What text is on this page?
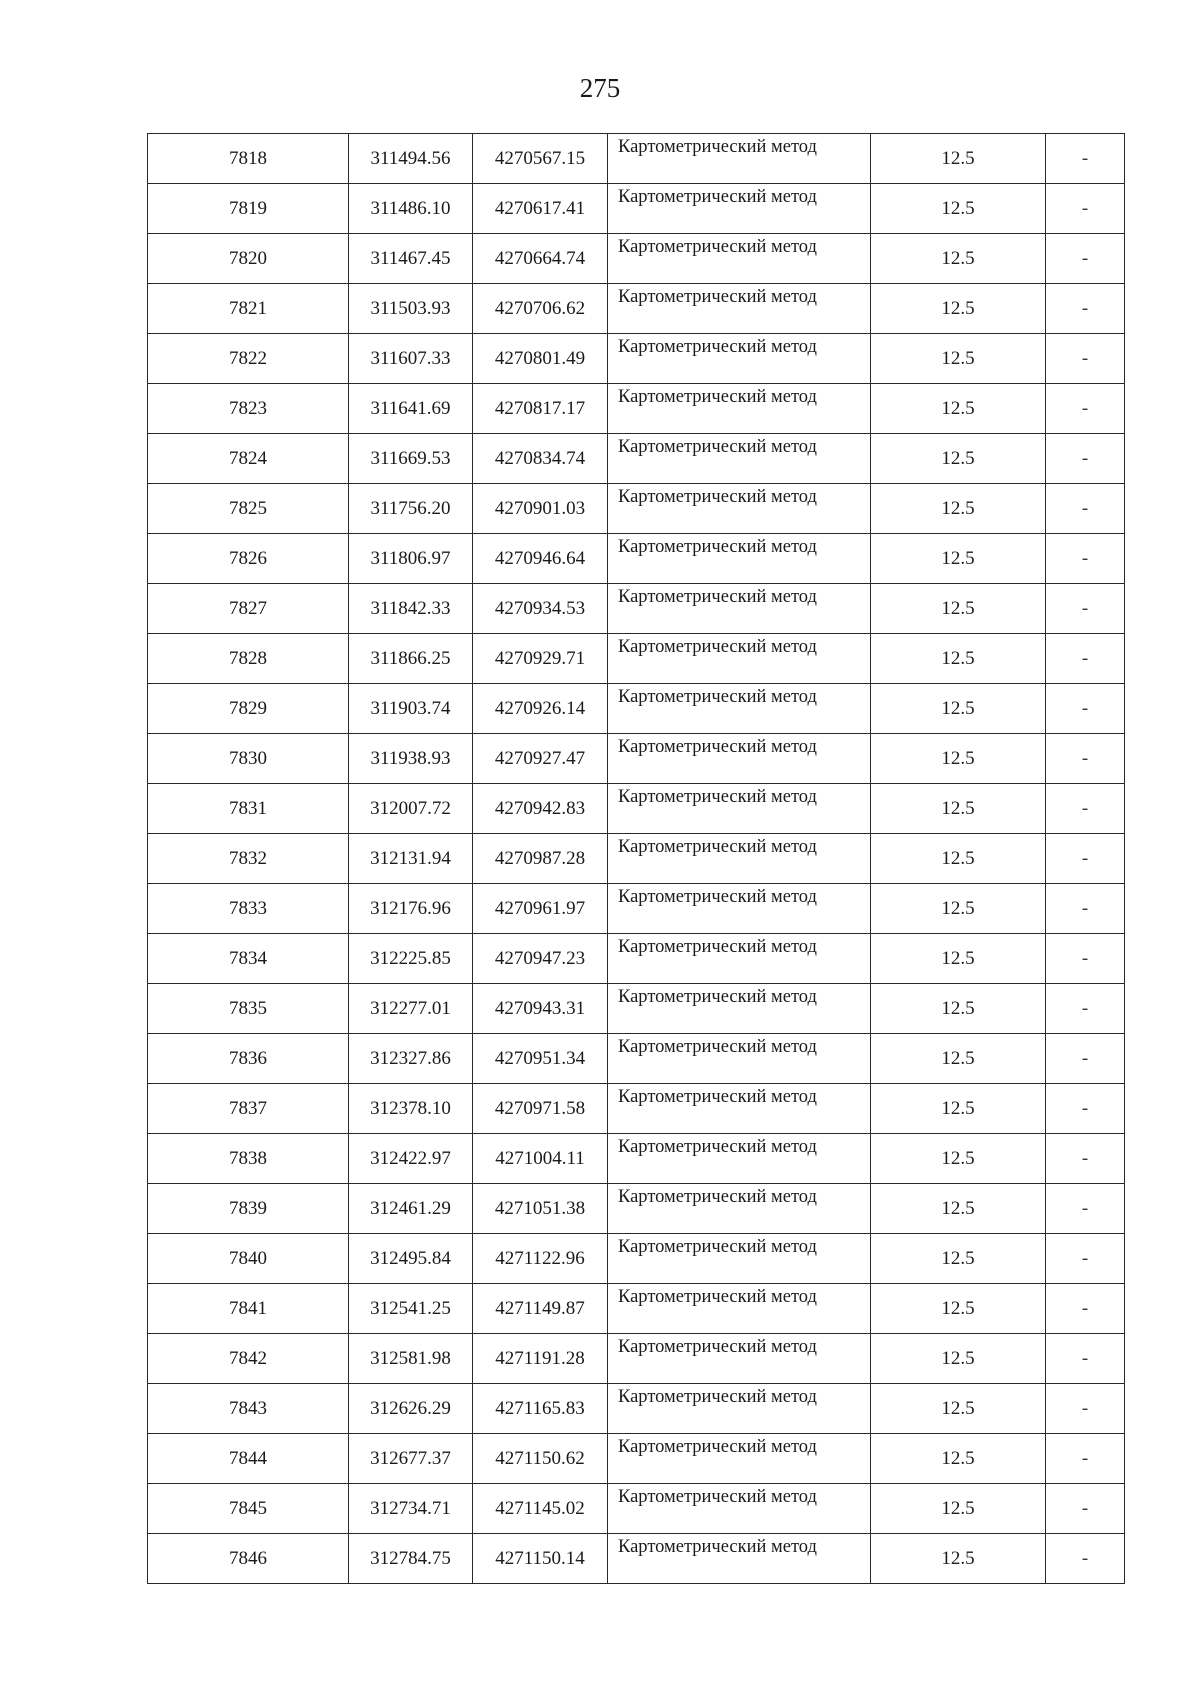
275
7818	311494.56	4270567.15	Картометрический метод	12.5	-
7819	311486.10	4270617.41	Картометрический метод	12.5	-
7820	311467.45	4270664.74	Картометрический метод	12.5	-
7821	311503.93	4270706.62	Картометрический метод	12.5	-
7822	311607.33	4270801.49	Картометрический метод	12.5	-
7823	311641.69	4270817.17	Картометрический метод	12.5	-
7824	311669.53	4270834.74	Картометрический метод	12.5	-
7825	311756.20	4270901.03	Картометрический метод	12.5	-
7826	311806.97	4270946.64	Картометрический метод	12.5	-
7827	311842.33	4270934.53	Картометрический метод	12.5	-
7828	311866.25	4270929.71	Картометрический метод	12.5	-
7829	311903.74	4270926.14	Картометрический метод	12.5	-
7830	311938.93	4270927.47	Картометрический метод	12.5	-
7831	312007.72	4270942.83	Картометрический метод	12.5	-
7832	312131.94	4270987.28	Картометрический метод	12.5	-
7833	312176.96	4270961.97	Картометрический метод	12.5	-
7834	312225.85	4270947.23	Картометрический метод	12.5	-
7835	312277.01	4270943.31	Картометрический метод	12.5	-
7836	312327.86	4270951.34	Картометрический метод	12.5	-
7837	312378.10	4270971.58	Картометрический метод	12.5	-
7838	312422.97	4271004.11	Картометрический метод	12.5	-
7839	312461.29	4271051.38	Картометрический метод	12.5	-
7840	312495.84	4271122.96	Картометрический метод	12.5	-
7841	312541.25	4271149.87	Картометрический метод	12.5	-
7842	312581.98	4271191.28	Картометрический метод	12.5	-
7843	312626.29	4271165.83	Картометрический метод	12.5	-
7844	312677.37	4271150.62	Картометрический метод	12.5	-
7845	312734.71	4271145.02	Картометрический метод	12.5	-
7846	312784.75	4271150.14	Картометрический метод	12.5	-
